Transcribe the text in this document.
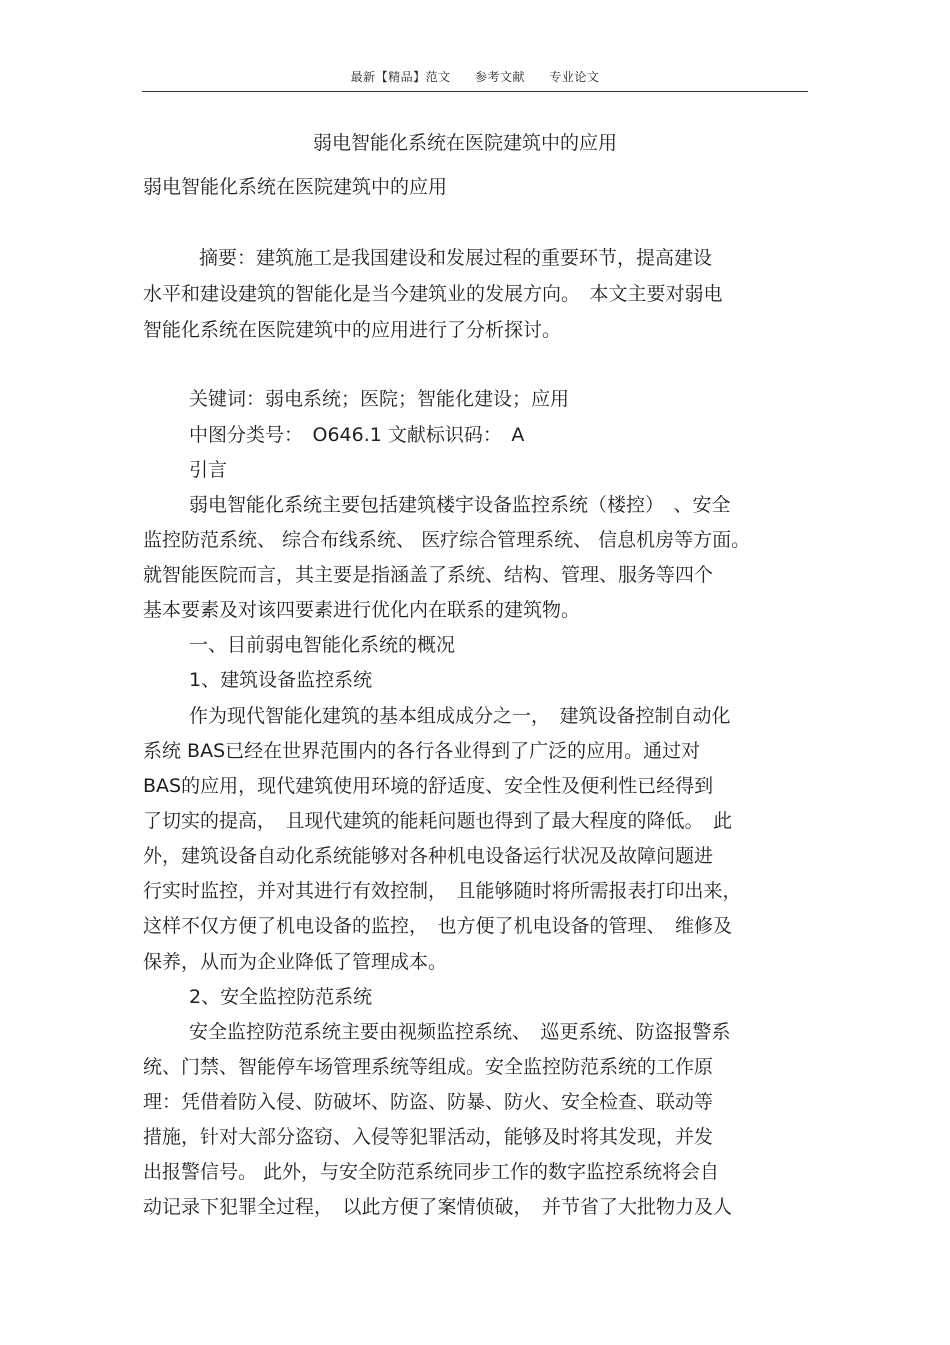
最新【精品】范文 参考文献 专业论文
弱电智能化系统在医院建筑中的应用
弱电智能化系统在医院建筑中的应用
摘要：建筑施工是我国建设和发展过程的重要环节，提高建设
水平和建设建筑的智能化是当今建筑业的发展方向。　本文主要对弱电
智能化系统在医院建筑中的应用进行了分析探讨。
关键词：弱电系统；医院；智能化建设；应用
中图分类号：　O646.1 文献标识码：　A
引言
弱电智能化系统主要包括建筑楼宇设备监控系统（楼控）　、安全
监控防范系统、 综合布线系统、 医疗综合管理系统、 信息机房等方面。
就智能医院而言，其主要是指涵盖了系统、结构、管理、服务等四个
基本要素及对该四要素进行优化内在联系的建筑物。
一、目前弱电智能化系统的概况
1、建筑设备监控系统
作为现代智能化建筑的基本组成成分之一，　建筑设备控制自动化
系统 BAS已经在世界范围内的各行各业得到了广泛的应用。通过对
BAS的应用，现代建筑使用环境的舒适度、安全性及便利性已经得到
了切实的提高，　且现代建筑的能耗问题也得到了最大程度的降低。　此
外，建筑设备自动化系统能够对各种机电设备运行状况及故障问题进
行实时监控，并对其进行有效控制，　且能够随时将所需报表打印出来，
这样不仅方便了机电设备的监控，　也方便了机电设备的管理、　维修及
保养，从而为企业降低了管理成本。
2、安全监控防范系统
安全监控防范系统主要由视频监控系统、　巡更系统、防盗报警系
统、门禁、智能停车场管理系统等组成。安全监控防范系统的工作原
理：凭借着防入侵、防破坏、防盗、防暴、防火、安全检查、联动等
措施，针对大部分盗窃、入侵等犯罪活动，能够及时将其发现，并发
出报警信号。 此外，与安全防范系统同步工作的数字监控系统将会自
动记录下犯罪全过程，　以此方便了案情侦破，　并节省了大批物力及人
